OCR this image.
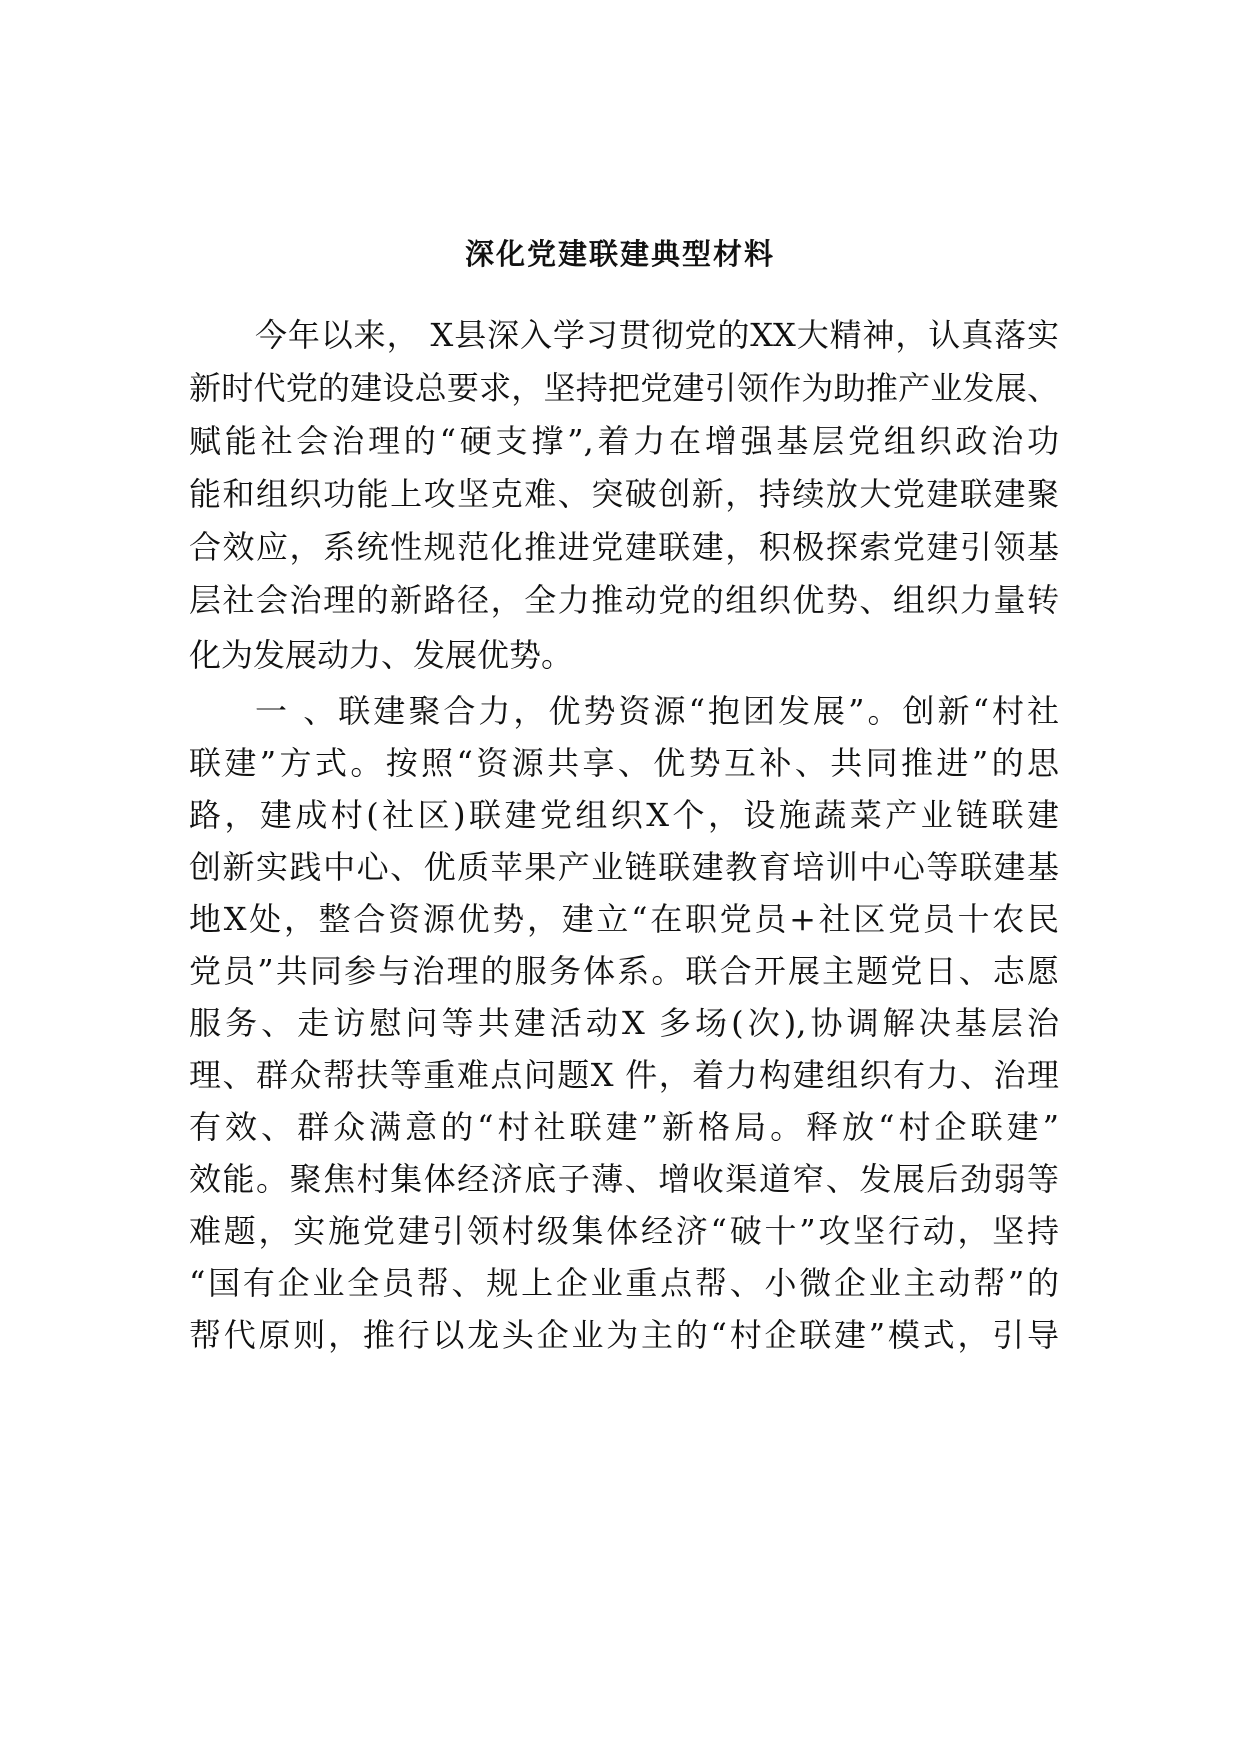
深化党建联建典型材料
今年以来， X县深入学习贯彻党的XX大精神，认真落实
新时代党的建设总要求，坚持把党建引领作为助推产业发展、
赋能社会治理的“硬支撑”,着力在增强基层党组织政治功
能和组织功能上攻坚克难、突破创新，持续放大党建联建聚
合效应，系统性规范化推进党建联建，积极探索党建引领基
层社会治理的新路径，全力推动党的组织优势、组织力量转
化为发展动力、发展优势。
一 、联建聚合力，优势资源“抱团发展”。创新“村社
联建”方式。按照“资源共享、优势互补、共同推进”的思
路，建成村(社区)联建党组织X个，设施蔬菜产业链联建
创新实践中心、优质苹果产业链联建教育培训中心等联建基
地X处，整合资源优势，建立“在职党员+社区党员十农民
党员”共同参与治理的服务体系。联合开展主题党日、志愿
服务、走访慰问等共建活动X 多场(次),协调解决基层治
理、群众帮扶等重难点问题X 件，着力构建组织有力、治理
有效、群众满意的“村社联建”新格局。释放“村企联建”
效能。聚焦村集体经济底子薄、增收渠道窄、发展后劲弱等
难题，实施党建引领村级集体经济“破十”攻坚行动，坚持
“国有企业全员帮、规上企业重点帮、小微企业主动帮”的
帮代原则，推行以龙头企业为主的“村企联建”模式，引导
